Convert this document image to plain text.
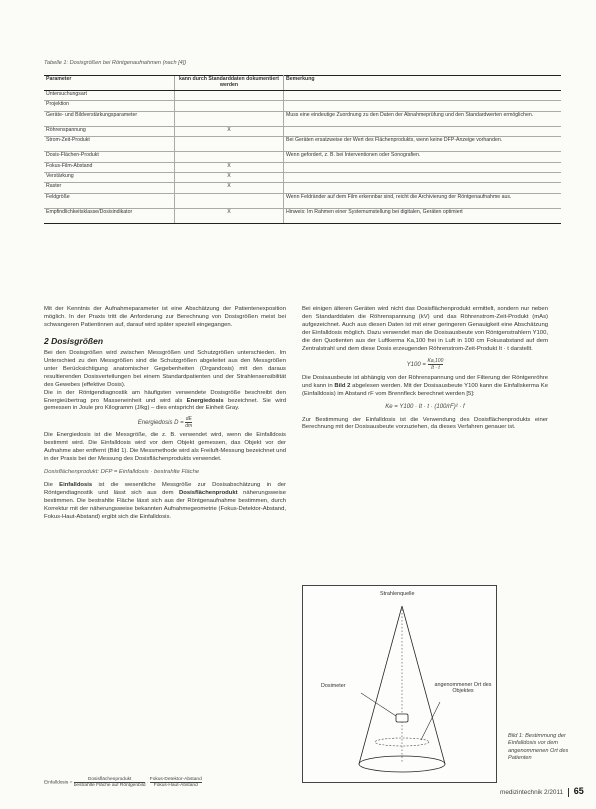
Tabelle 1: Dosisgrößen bei Röntgenaufnahmen (nach [4])
Parameter	kann durch Standarddaten dokumentiert werden	Bemerkung
Untersuchungsart		
Projektion		
Geräte- und Bildverstärkungsparameter		Muss eine eindeutige Zuordnung zu den Daten der Abnahmeprüfung und den Standardwerten ermöglichen.
Röhrenspannung	X	
Strom-Zeit-Produkt		Bei Geräten ersatzweise der Wert des Flächenprodukts, wenn keine DFP-Anzeige vorhanden.
Dosis-Flächen-Produkt		Wenn gefordert, z. B. bei Interventionen oder Sonografien.
Fokus-Film-Abstand	X	
Verstärkung	X	
Raster	X	
Feldgröße		Wenn Feldränder auf dem Film erkennbar sind, reicht die Archivierung der Röntgenaufnahme aus.
Empfindlichkeitsklasse/Dosisindikator	X	Hinweis: Im Rahmen einer Systemumstellung bei digitalen, Geräten optimiert

Mit der Kenntnis der Aufnahmeparameter ist eine Abschätzung der Patientenexposition möglich. In der Praxis tritt die Anforderung zur Berechnung von Dosisgrößen meist bei schwangeren Patientinnen auf, darauf wird später speziell eingegangen.

2 Dosisgrößen

Bei den Dosisgrößen wird zwischen Messgrößen und Schutzgrößen unterschieden. Im Unterschied zu den Messgrößen sind die Schutzgrößen abgeleitet aus den Messgrößen unter Berücksichtigung anatomischer Gegebenheiten (Organdosis) mit den daraus resultierenden Dosisverteilungen bei einem Standardpatienten und der Strahlensensibilität des Gewebes (effektive Dosis).

Die in der Röntgendiagnostik am häufigsten verwendete Dosisgröße beschreibt den Energieübertrag pro Masseneinheit und wird als Energiedosis bezeichnet. Sie wird gemessen in Joule pro Kilogramm (J/kg) – dies entspricht der Einheit Gray.

Energiedosis $D = \frac{dE}{dm}$

Die Energiedosis ist die Messgröße, die z. B. verwendet wird, wenn die Einfalldosis bestimmt wird. Die Einfalldosis wird vor dem Objekt gemessen, das Objekt vor der Aufnahme aber entfernt (Bild 1). Die Messmethode wird als Freiluft-Messung bezeichnet und in der Praxis bei der Messung des Dosisflächenprodukts verwendet.

Dosisflächenprodukt: DFP = Einfalldosis · bestrahlte Fläche

Die Einfalldosis ist die wesentliche Messgröße zur Dosisabschätzung in der Röntgendiagnostik und lässt sich aus dem Dosisflächenprodukt näherungsweise bestimmen. Die bestrahlte Fläche lässt sich aus der Röntgenaufnahme bestimmen, durch Korrektur mit der näherungsweise bekannten Aufnahmegeometrie (Fokus-Detektor-Abstand, Fokus-Haut-Abstand) ergibt sich die Einfalldosis.

Einfalldosis = $\frac{\text{Dosisflächenprodukt}}{\text{bestrahlte Fläche auf Röntgenbild}} \cdot \frac{\text{Fokus-Detektor-Abstand}}{\text{Fokus-Haut-Abstand}}$

Bei einigen älteren Geräten wird nicht das Dosisflächenprodukt ermittelt, sondern nur neben den Standarddaten die Röhrenspannung (kV) und das Röhrenstrom-Zeit-Produkt (mAs) aufgezeichnet. Auch aus diesen Daten ist mit einer geringeren Genauigkeit eine Abschätzung der Einfalldosis möglich. Dazu verwendet man die Dosisausbeute von Röntgenstrahlern Y100, die den Quotienten aus der Luftkerma Ka,100 frei in Luft in 100 cm Fokusabstand auf dem Zentralstrahl und dem diese Dosis erzeugenden Röhrenstrom-Zeit-Produkt It · t darstellt.

$Y100 = \frac{Ka,100}{It \cdot t}$

Die Dosisausbeute ist abhängig von der Röhrenspannung und der Filterung der Röntgenröhre und kann in Bild 2 abgelesen werden. Mit der Dosisausbeute Y100 kann die Einfallskerma Ke (Einfalldosis) im Abstand rF vom Brennfleck berechnet werden [5]:

Ke = Y100 · It · t · (100/rF)² · f

Zur Bestimmung der Einfalldosis ist die Verwendung des Dosisflächenprodukts einer Berechnung mit der Dosisausbeute vorzuziehen, da dieses Verfahren genauer ist.

Strahlenquelle
Dosimeter	angenommener Ort des Objektes
Bild 1: Bestimmung der Einfalldosis vor dem angenommenen Ort des Patienten
medizintechnik 2/2011 65
